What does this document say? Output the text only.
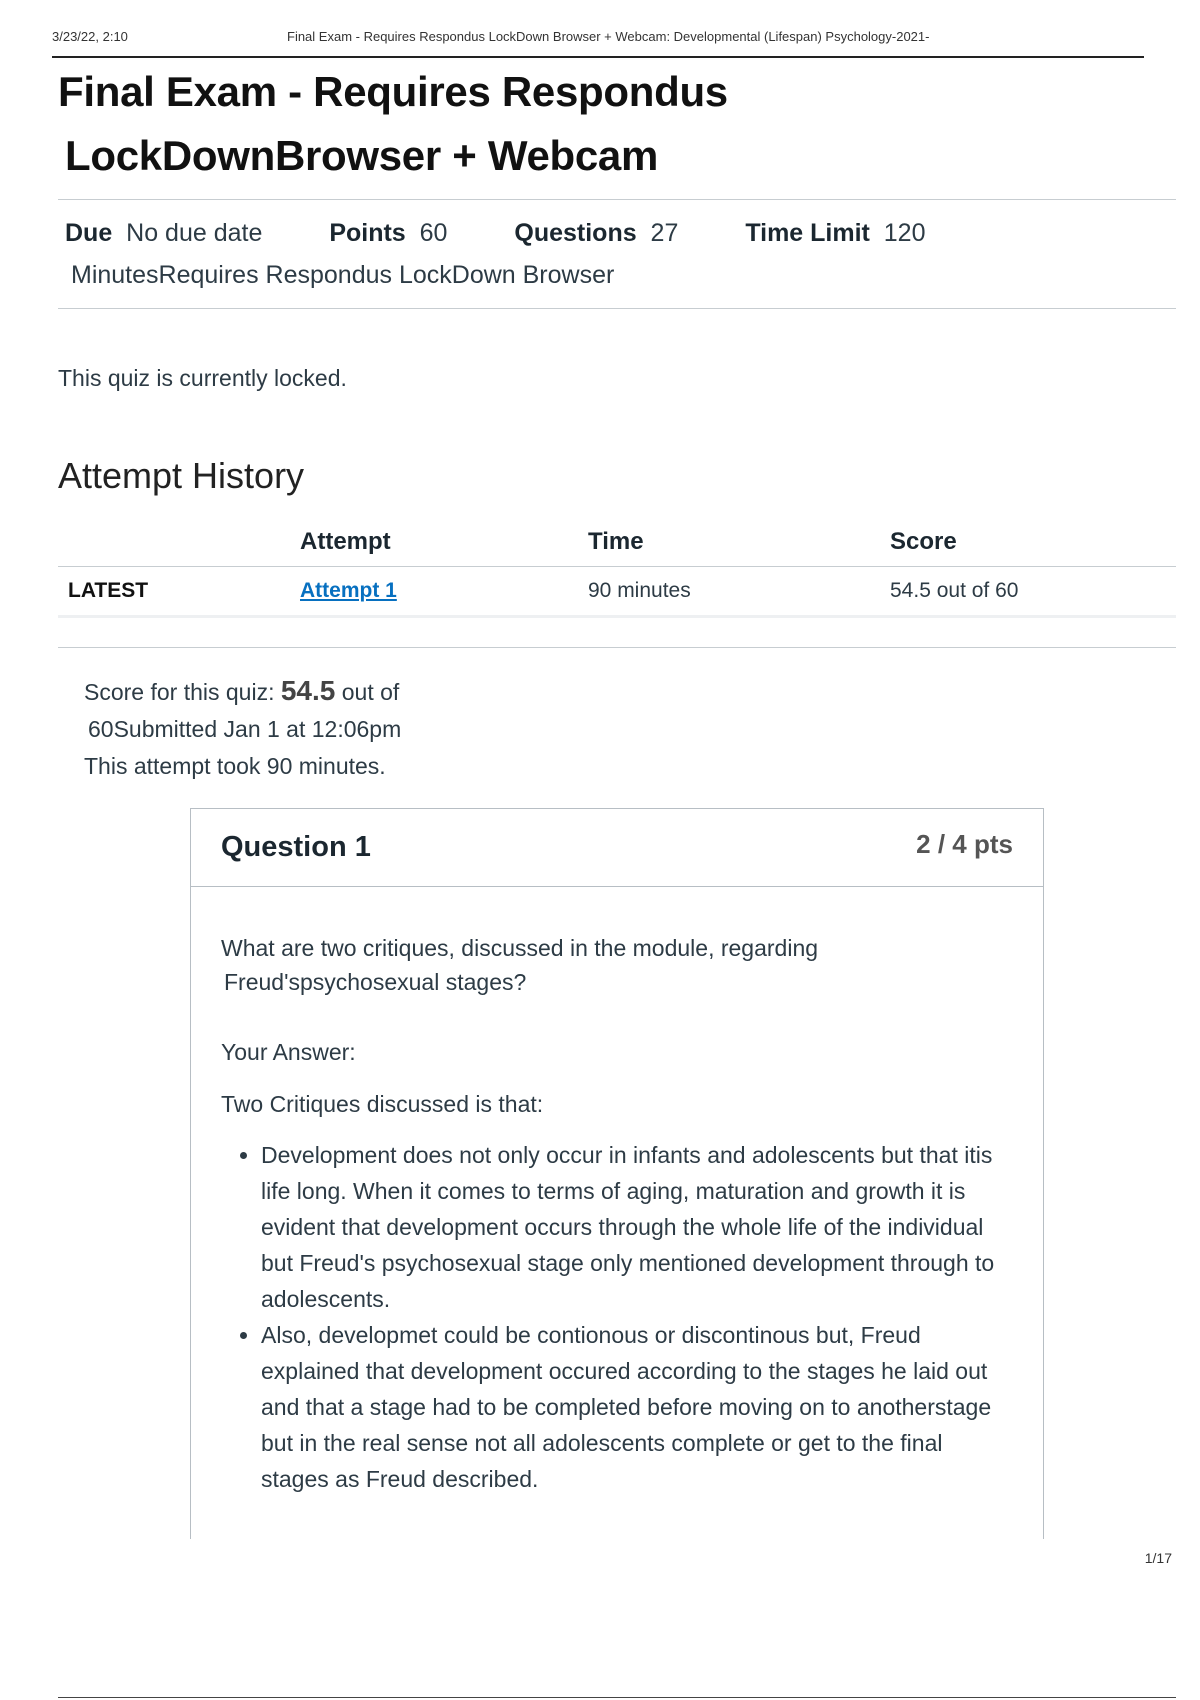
3/23/22, 2:10	Final Exam - Requires Respondus LockDown Browser + Webcam: Developmental (Lifespan) Psychology-2021-
Final Exam - Requires Respondus
LockDownBrowser + Webcam
Due No due date	Points 60	Questions 27	Time Limit 120
MinutesRequires Respondus LockDown Browser
This quiz is currently locked.
Attempt History
	Attempt	Time	Score
LATEST	Attempt 1	90 minutes	54.5 out of 60
Score for this quiz: 54.5 out of
60Submitted Jan 1 at 12:06pm
This attempt took 90 minutes.
Question 1	2 / 4 pts
What are two critiques, discussed in the module, regarding
Freud'spsychosexual stages?
Your Answer:
Two Critiques discussed is that:
• Development does not only occur in infants and adolescents but that itis life long. When it comes to terms of aging, maturation and growth it is evident that development occurs through the whole life of the individual but Freud's psychosexual stage only mentioned development through to adolescents.
• Also, developmet could be contionous or discontinous but, Freud explained that development occured according to the stages he laid out and that a stage had to be completed before moving on to anotherstage but in the real sense not all adolescents complete or get to the final stages as Freud described.
1/17
